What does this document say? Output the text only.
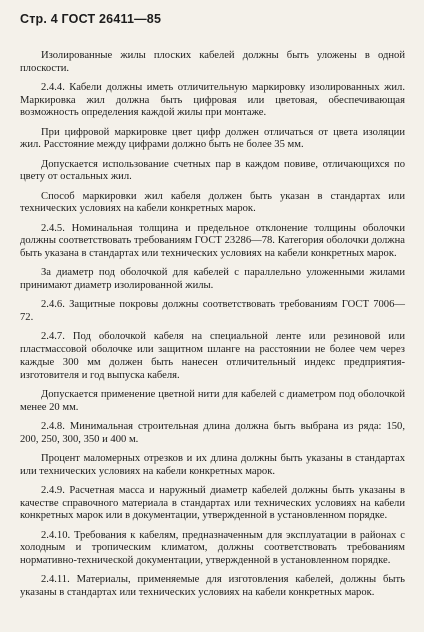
Стр. 4 ГОСТ 26411—85

Изолированные жилы плоских кабелей должны быть уложены в одной плоскости.

2.4.4. Кабели должны иметь отличительную маркировку изолированных жил. Маркировка жил должна быть цифровая или цветовая, обеспечивающая возможность определения каждой жилы при монтаже.

При цифровой маркировке цвет цифр должен отличаться от цвета изоляции жил. Расстояние между цифрами должно быть не более 35 мм.

Допускается использование счетных пар в каждом повиве, отличающихся по цвету от остальных жил.

Способ маркировки жил кабеля должен быть указан в стандартах или технических условиях на кабели конкретных марок.

2.4.5. Номинальная толщина и предельное отклонение толщины оболочки должны соответствовать требованиям ГОСТ 23286—78. Категория оболочки должна быть указана в стандартах или технических условиях на кабели конкретных марок.

За диаметр под оболочкой для кабелей с параллельно уложенными жилами принимают диаметр изолированной жилы.

2.4.6. Защитные покровы должны соответствовать требованиям ГОСТ 7006—72.

2.4.7. Под оболочкой кабеля на специальной ленте или резиновой или пластмассовой оболочке или защитном шланге на расстоянии не более чем через каждые 300 мм должен быть нанесен отличительный индекс предприятия-изготовителя и год выпуска кабеля.

Допускается применение цветной нити для кабелей с диаметром под оболочкой менее 20 мм.

2.4.8. Минимальная строительная длина должна быть выбрана из ряда: 150, 200, 250, 300, 350 и 400 м.

Процент маломерных отрезков и их длина должны быть указаны в стандартах или технических условиях на кабели конкретных марок.

2.4.9. Расчетная масса и наружный диаметр кабелей должны быть указаны в качестве справочного материала в стандартах или технических условиях на кабели конкретных марок или в документации, утвержденной в установленном порядке.

2.4.10. Требования к кабелям, предназначенным для эксплуатации в районах с холодным и тропическим климатом, должны соответствовать требованиям нормативно-технической документации, утвержденной в установленном порядке.

2.4.11. Материалы, применяемые для изготовления кабелей, должны быть указаны в стандартах или технических условиях на кабели конкретных марок.
